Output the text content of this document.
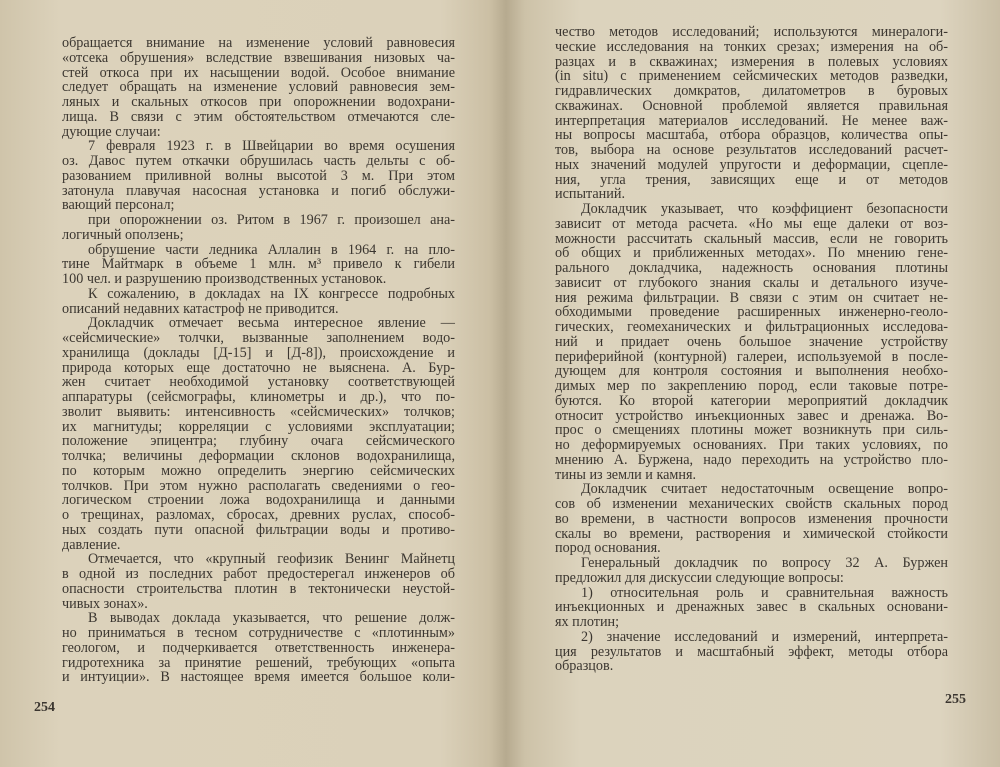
обращается внимание на изменение условий равновесия
«отсека обрушения» вследствие взвешивания низовых ча-
стей откоса при их насыщении водой. Особое внимание
следует обращать на изменение условий равновесия зем-
ляных и скальных откосов при опорожнении водохрани-
лища. В связи с этим обстоятельством отмечаются сле-
дующие случаи:
7 февраля 1923 г. в Швейцарии во время осушения
оз. Давос путем откачки обрушилась часть дельты с об-
разованием приливной волны высотой 3 м. При этом
затонула плавучая насосная установка и погиб обслужи-
вающий персонал;
при опорожнении оз. Ритом в 1967 г. произошел ана-
логичный оползень;
обрушение части ледника Аллалин в 1964 г. на пло-
тине Майтмарк в объеме 1 млн. м³ привело к гибели
100 чел. и разрушению производственных установок.
К сожалению, в докладах на IX конгрессе подробных
описаний недавних катастроф не приводится.
Докладчик отмечает весьма интересное явление —
«сейсмические» толчки, вызванные заполнением водо-
хранилища (доклады [Д-15] и [Д-8]), происхождение и
природа которых еще достаточно не выяснена. А. Бур-
жен считает необходимой установку соответствующей
аппаратуры (сейсмографы, клинометры и др.), что по-
зволит выявить: интенсивность «сейсмических» толчков;
их магнитуды; корреляции с условиями эксплуатации;
положение эпицентра; глубину очага сейсмического
толчка; величины деформации склонов водохранилища,
по которым можно определить энергию сейсмических
толчков. При этом нужно располагать сведениями о гео-
логическом строении ложа водохранилища и данными
о трещинах, разломах, сбросах, древних руслах, способ-
ных создать пути опасной фильтрации воды и противо-
давление.
Отмечается, что «крупный геофизик Венинг Майнетц
в одной из последних работ предостерегал инженеров об
опасности строительства плотин в тектонически неустой-
чивых зонах».
В выводах доклада указывается, что решение долж-
но приниматься в тесном сотрудничестве с «плотинным»
геологом, и подчеркивается ответственность инженера-
гидротехника за принятие решений, требующих «опыта
и интуиции». В настоящее время имеется большое коли-
254
чество методов исследований; используются минералоги-
ческие исследования на тонких срезах; измерения на об-
разцах и в скважинах; измерения в полевых условиях
(in situ) с применением сейсмических методов разведки,
гидравлических домкратов, дилатометров в буровых
скважинах. Основной проблемой является правильная
интерпретация материалов исследований. Не менее важ-
ны вопросы масштаба, отбора образцов, количества опы-
тов, выбора на основе результатов исследований расчет-
ных значений модулей упругости и деформации, сцепле-
ния, угла трения, зависящих еще и от методов
испытаний.
Докладчик указывает, что коэффициент безопасности
зависит от метода расчета. «Но мы еще далеки от воз-
можности рассчитать скальный массив, если не говорить
об общих и приближенных методах». По мнению гене-
рального докладчика, надежность основания плотины
зависит от глубокого знания скалы и детального изуче-
ния режима фильтрации. В связи с этим он считает не-
обходимыми проведение расширенных инженерно-геоло-
гических, геомеханических и фильтрационных исследова-
ний и придает очень большое значение устройству
периферийной (контурной) галереи, используемой в после-
дующем для контроля состояния и выполнения необхо-
димых мер по закреплению пород, если таковые потре-
буются. Ко второй категории мероприятий докладчик
относит устройство инъекционных завес и дренажа. Во-
прос о смещениях плотины может возникнуть при силь-
но деформируемых основаниях. При таких условиях, по
мнению А. Бурженa, надо переходить на устройство пло-
тины из земли и камня.
Докладчик считает недостаточным освещение вопро-
сов об изменении механических свойств скальных пород
во времени, в частности вопросов изменения прочности
скалы во времени, растворения и химической стойкости
пород основания.
Генеральный докладчик по вопросу 32 А. Буржен
предложил для дискуссии следующие вопросы:
1) относительная роль и сравнительная важность
инъекционных и дренажных завес в скальных основани-
ях плотин;
2) значение исследований и измерений, интерпрета-
ция результатов и масштабный эффект, методы отбора
образцов.
255
